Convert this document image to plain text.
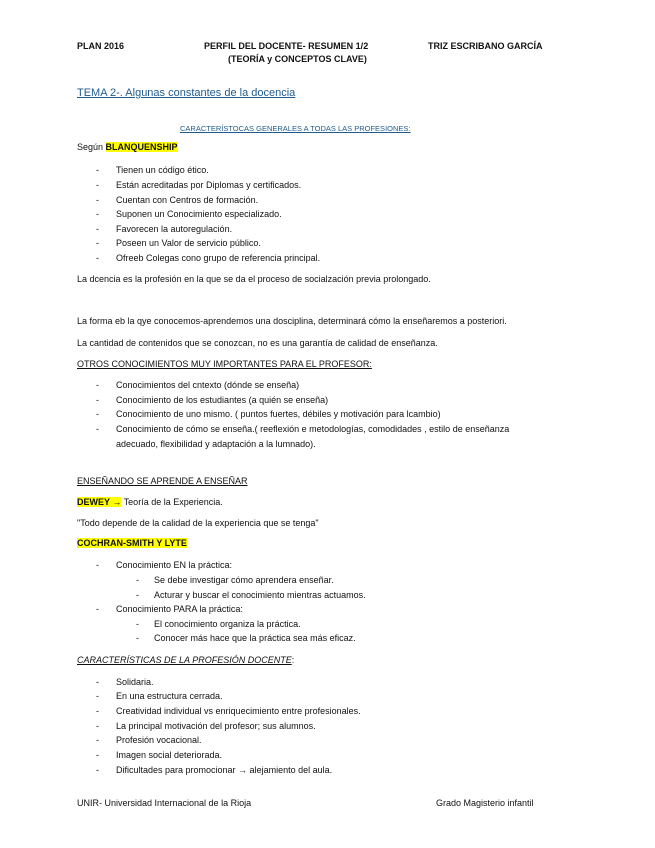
PLAN 2016	PERFIL DEL DOCENTE- RESUMEN 1/2
(TEORÍA y CONCEPTOS CLAVE)
TRIZ ESCRIBANO GARCÍA
TEMA 2-. Algunas constantes de la docencia
CARACTERÍSTOCAS GENERALES A TODAS LAS PROFESIONES:
Según BLANQUENSHIP
- Tienen un código ético.
- Están acreditadas por Diplomas y certificados.
- Cuentan con Centros de formación.
- Suponen un Conocimiento especializado.
- Favorecen la autoregulación.
- Poseen un Valor de servicio público.
- Ofreeb Colegas cono grupo de referencia principal.
La dcencia es la profesión en la que se da el proceso de socialzación previa prolongado.
La forma eb la qye conocemos-aprendemos una dosciplina, determinará cómo la enseñaremos a posteriori.
La cantidad de contenidos que se conozcan, no es una garantía de calidad de enseñanza.
OTROS CONOCIMIENTOS MUY IMPORTANTES PARA EL PROFESOR:
- Conocimientos del cntexto (dónde se enseña)
- Conocimiento de los estudiantes (a quién se enseña)
- Conocimiento de uno mismo. ( puntos fuertes, débiles y motivación para lcambio)
- Conocimiento de cómo se enseña.( reeflexión e metodologías, comodidades , estilo de enseñanza
adecuado, flexibilidad y adaptación a la lumnado).
ENSEÑANDO SE APRENDE A ENSEÑAR
DEWEY → Teoría de la Experiencia.
"Todo depende de la calidad de la experiencia que se tenga"
COCHRAN-SMITH Y LYTE
- Conocimiento EN la práctica:
- Se debe investigar cómo aprendera enseñar.
- Acturar y buscar el conocimiento mientras actuamos.
- Conocimiento PARA la práctica:
- El conocimiento organiza la práctica.
- Conocer más hace que la práctica sea más eficaz.
CARACTERÍSTICAS DE LA PROFESIÓN DOCENTE:
- Solidaria.
- En una estructura cerrada.
- Creatividad individual vs enriquecimiento entre profesionales.
- La principal motivación del profesor; sus alumnos.
- Profesión vocacional.
- Imagen social deteriorada.
- Dificultades para promocionar → alejamiento del aula.
UNIR- Universidad Internacional de la Rioja	Grado Magisterio infantil
